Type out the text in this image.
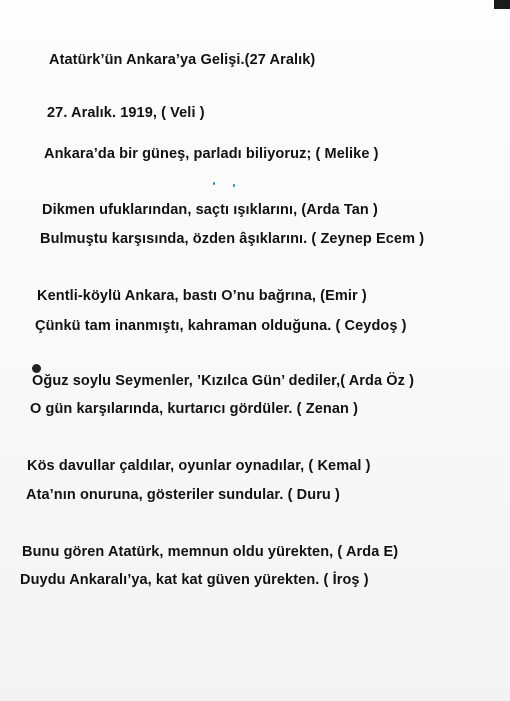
Atatürk’ün Ankara’ya Gelişi.(27 Aralık)
27. Aralık. 1919, ( Veli )
Ankara’da bir güneş, parladı biliyoruz; ( Melike )
Dikmen ufuklarından, saçtı ışıklarını, (Arda Tan )
Bulmuştu karşısında, özden âşıklarını. ( Zeynep Ecem )
Kentli-köylü Ankara, bastı O’nu bağrına, (Emir )
Çünkü tam inanmıştı, kahraman olduğuna. ( Ceydoş )
Oğuz soylu Seymenler, ’Kızılca Gün’ dediler,( Arda Öz )
O gün karşılarında, kurtarıcı gördüler. ( Zenan )
Kös davullar çaldılar, oyunlar oynadılar, ( Kemal )
Ata’nın onuruna, gösteriler sundular. ( Duru )
Bunu gören Atatürk, memnun oldu yürekten, ( Arda E)
Duydu Ankaralı’ya, kat kat güven yürekten. ( İroş )
